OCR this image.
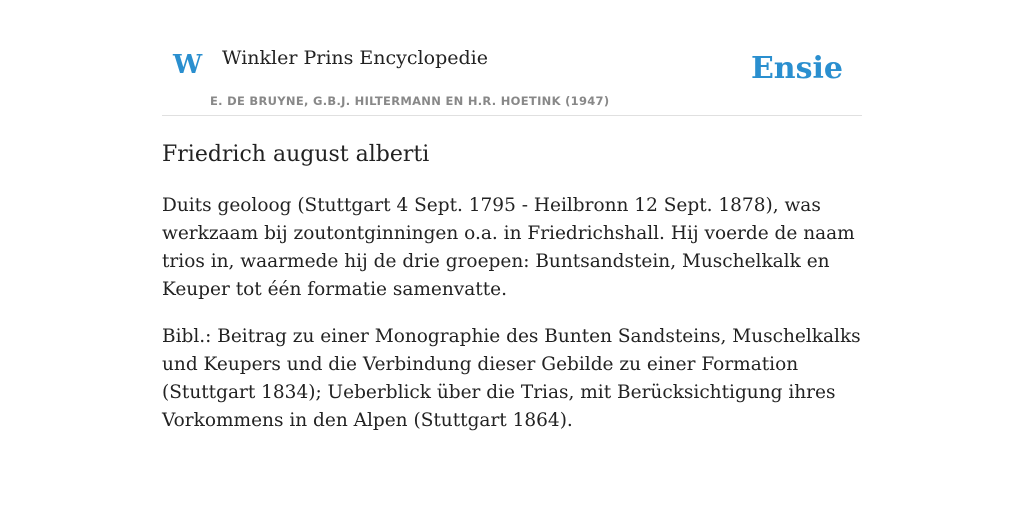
W Winkler Prins Encyclopedie
E. DE BRUYNE, G.B.J. HILTERMANN EN H.R. HOETINK (1947)
Ensie
Friedrich august alberti

Duits geoloog (Stuttgart 4 Sept. 1795 - Heilbronn 12 Sept. 1878), was werkzaam bij zoutontginningen o.a. in Friedrichshall. Hij voerde de naam trios in, waarmede hij de drie groepen: Buntsandstein, Muschelkalk en Keuper tot één formatie samenvatte.

Bibl.: Beitrag zu einer Monographie des Bunten Sandsteins, Muschelkalks und Keupers und die Verbindung dieser Gebilde zu einer Formation (Stuttgart 1834); Ueberblick über die Trias, mit Berücksichtigung ihres Vorkommens in den Alpen (Stuttgart 1864).
